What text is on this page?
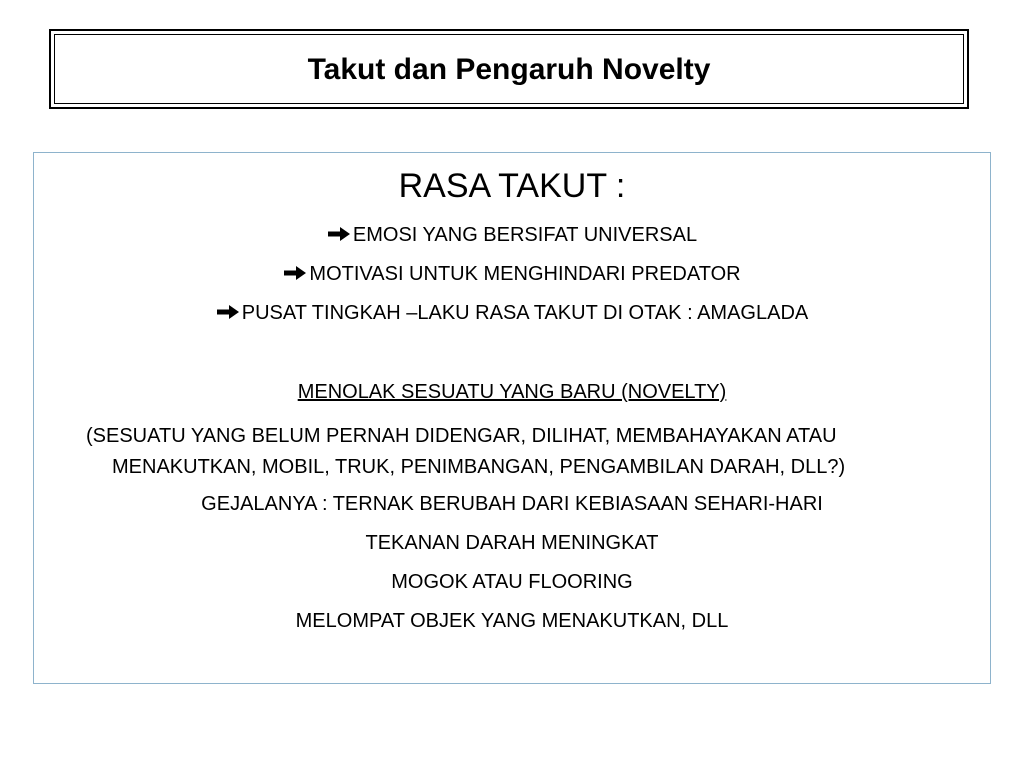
Takut dan Pengaruh Novelty
RASA TAKUT :
EMOSI YANG BERSIFAT UNIVERSAL
MOTIVASI UNTUK MENGHINDARI PREDATOR
PUSAT TINGKAH –LAKU RASA TAKUT DI OTAK : AMAGLADA
MENOLAK SESUATU YANG BARU (NOVELTY)
(SESUATU YANG BELUM PERNAH DIDENGAR, DILIHAT, MEMBAHAYAKAN ATAU MENAKUTKAN, MOBIL, TRUK, PENIMBANGAN, PENGAMBILAN DARAH, DLL?)
GEJALANYA : TERNAK BERUBAH DARI KEBIASAAN SEHARI-HARI
TEKANAN DARAH MENINGKAT
MOGOK ATAU FLOORING
MELOMPAT OBJEK YANG MENAKUTKAN, DLL
